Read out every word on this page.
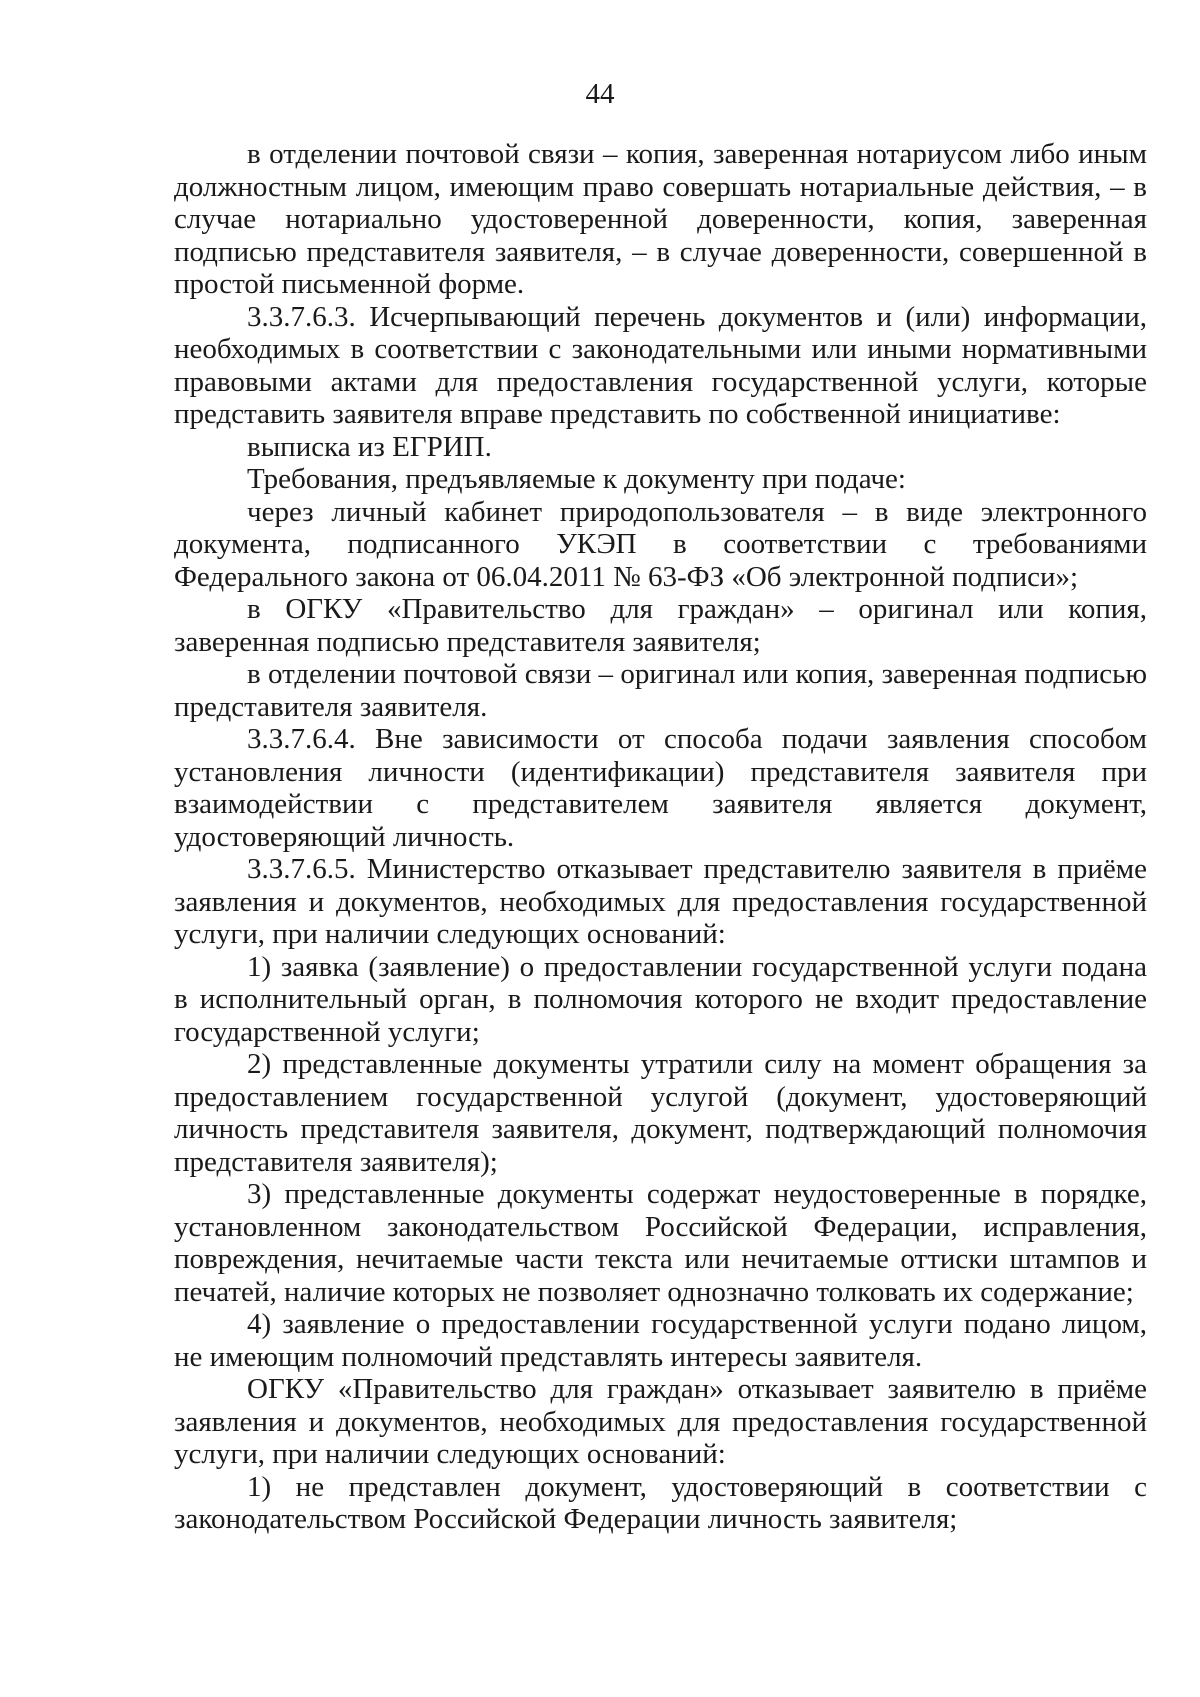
44

в отделении почтовой связи – копия, заверенная нотариусом либо иным должностным лицом, имеющим право совершать нотариальные действия, – в случае нотариально удостоверенной доверенности, копия, заверенная подписью представителя заявителя, – в случае доверенности, совершенной в простой письменной форме.

3.3.7.6.3. Исчерпывающий перечень документов и (или) информации, необходимых в соответствии с законодательными или иными нормативными правовыми актами для предоставления государственной услуги, которые представить заявителя вправе представить по собственной инициативе:

выписка из ЕГРИП.

Требования, предъявляемые к документу при подаче:

через личный кабинет природопользователя – в виде электронного документа, подписанного УКЭП в соответствии с требованиями Федерального закона от 06.04.2011 № 63-ФЗ «Об электронной подписи»;

в ОГКУ «Правительство для граждан» – оригинал или копия, заверенная подписью представителя заявителя;

в отделении почтовой связи – оригинал или копия, заверенная подписью представителя заявителя.

3.3.7.6.4. Вне зависимости от способа подачи заявления способом установления личности (идентификации) представителя заявителя при взаимодействии с представителем заявителя является документ, удостоверяющий личность.

3.3.7.6.5. Министерство отказывает представителю заявителя в приёме заявления и документов, необходимых для предоставления государственной услуги, при наличии следующих оснований:

1) заявка (заявление) о предоставлении государственной услуги подана в исполнительный орган, в полномочия которого не входит предоставление государственной услуги;

2) представленные документы утратили силу на момент обращения за предоставлением государственной услугой (документ, удостоверяющий личность представителя заявителя, документ, подтверждающий полномочия представителя заявителя);

3) представленные документы содержат неудостоверенные в порядке, установленном законодательством Российской Федерации, исправления, повреждения, нечитаемые части текста или нечитаемые оттиски штампов и печатей, наличие которых не позволяет однозначно толковать их содержание;

4) заявление о предоставлении государственной услуги подано лицом, не имеющим полномочий представлять интересы заявителя.

ОГКУ «Правительство для граждан» отказывает заявителю в приёме заявления и документов, необходимых для предоставления государственной услуги, при наличии следующих оснований:

1) не представлен документ, удостоверяющий в соответствии с законодательством Российской Федерации личность заявителя;
